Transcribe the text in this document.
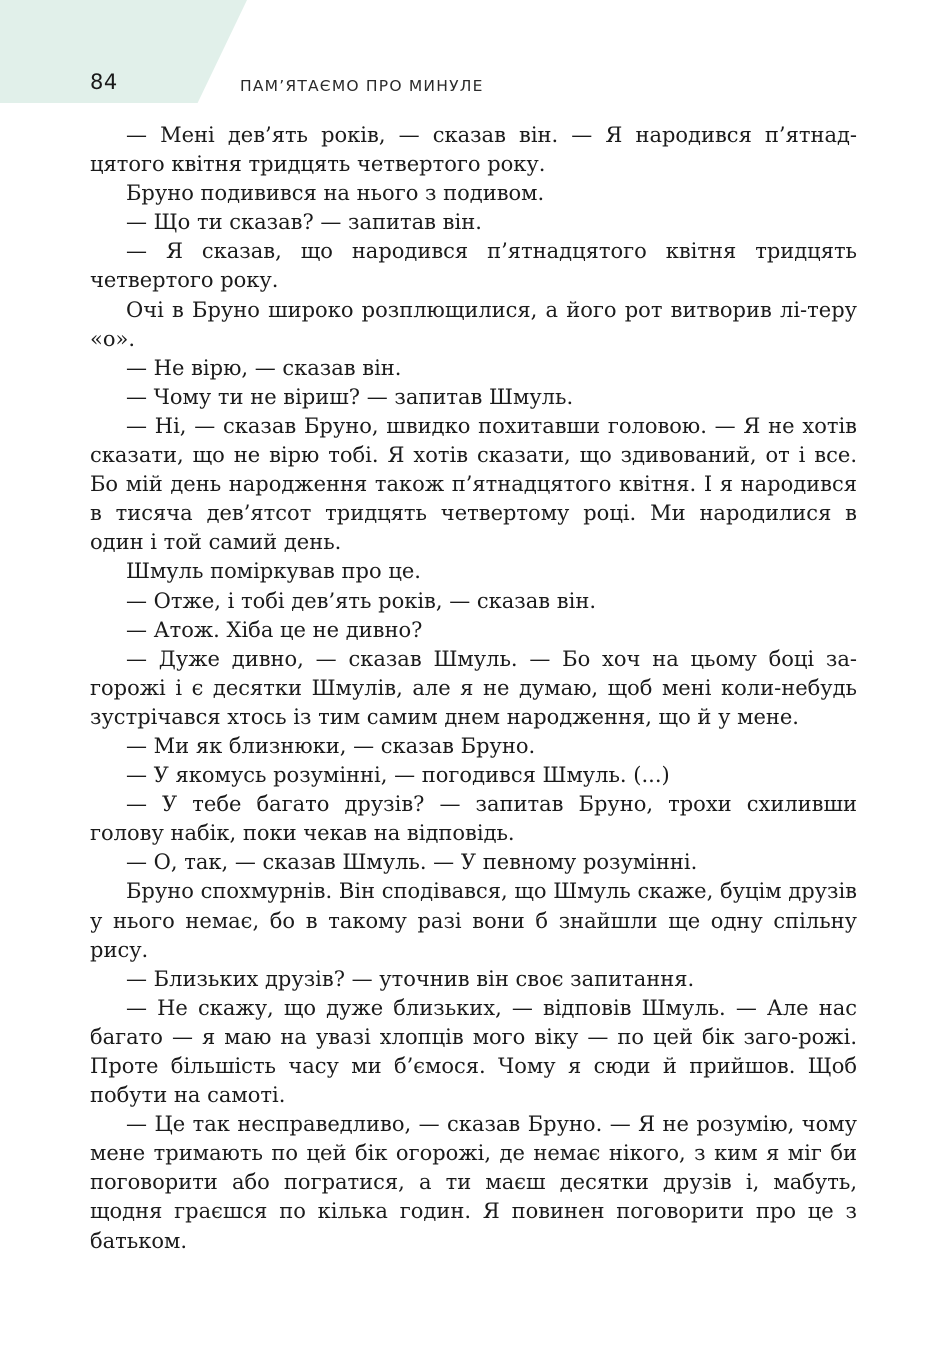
84	ПАМ’ЯТАЄМО ПРО МИНУЛЕ

— Мені дев’ять років, — сказав він. — Я народився п’ятнад-цятого квітня тридцять четвертого року.

Бруно подивився на нього з подивом.

— Що ти сказав? — запитав він.

— Я сказав, що народився п’ятнадцятого квітня тридцять четвертого року.

Очі в Бруно широко розплющилися, а його рот витворив лі-теру «о».

— Не вірю, — сказав він.

— Чому ти не віриш? — запитав Шмуль.

— Ні, — сказав Бруно, швидко похитавши головою. — Я не хотів сказати, що не вірю тобі. Я хотів сказати, що здивований, от і все. Бо мій день народження також п’ятнадцятого квітня. І я народився в тисяча дев’ятсот тридцять четвертому році. Ми народилися в один і той самий день.

Шмуль поміркував про це.

— Отже, і тобі дев’ять років, — сказав він.

— Атож. Хіба це не дивно?

— Дуже дивно, — сказав Шмуль. — Бо хоч на цьому боці за-горожі і є десятки Шмулів, але я не думаю, щоб мені коли-небудь зустрічався хтось із тим самим днем народження, що й у мене.

— Ми як близнюки, — сказав Бруно.

— У якомусь розумінні, — погодився Шмуль. (...)

— У тебе багато друзів? — запитав Бруно, трохи схиливши голову набік, поки чекав на відповідь.

— О, так, — сказав Шмуль. — У певному розумінні.

Бруно спохмурнів. Він сподівався, що Шмуль скаже, буцім друзів у нього немає, бо в такому разі вони б знайшли ще одну спільну рису.

— Близьких друзів? — уточнив він своє запитання.

— Не скажу, що дуже близьких, — відповів Шмуль. — Але нас багато — я маю на увазі хлопців мого віку — по цей бік заго-рожі. Проте більшість часу ми б’ємося. Чому я сюди й прийшов. Щоб побути на самоті.

— Це так несправедливо, — сказав Бруно. — Я не розумію, чому мене тримають по цей бік огорожі, де немає нікого, з ким я міг би поговорити або погратися, а ти маєш десятки друзів і, мабуть, щодня граєшся по кілька годин. Я повинен поговорити про це з батьком.
